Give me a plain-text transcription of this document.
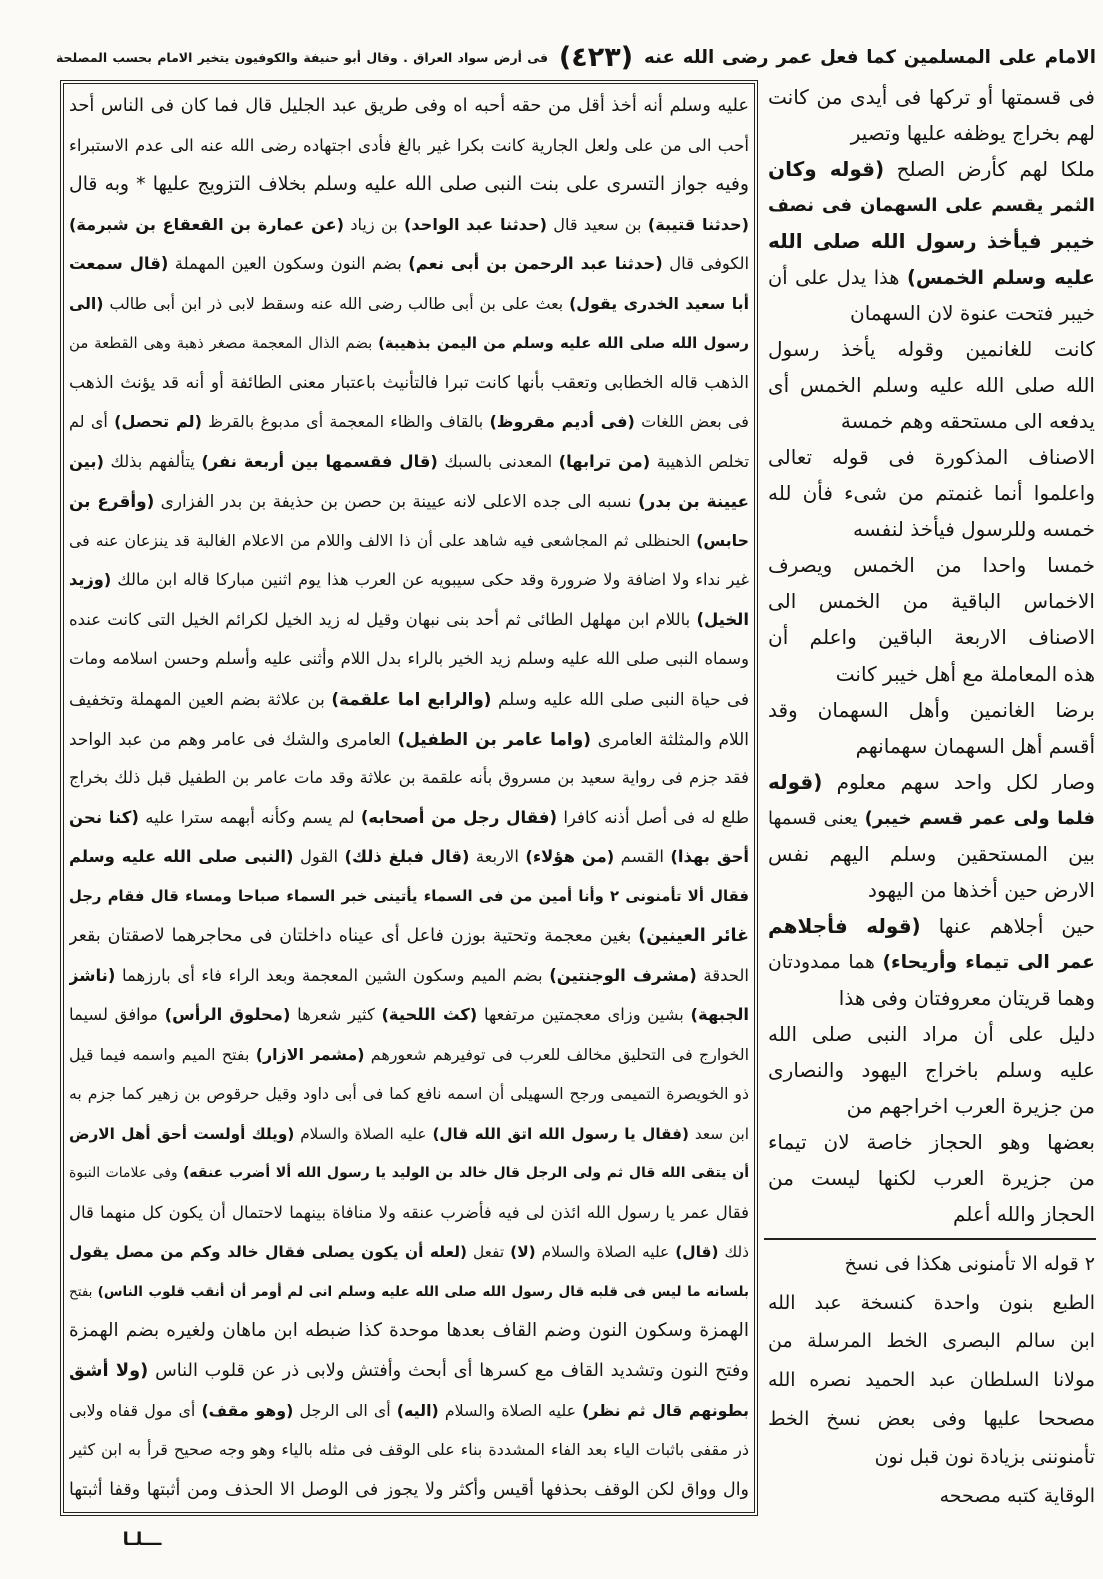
الامام على المسلمين كما فعل عمر رضى الله عنه
(٤٢٣)
فى أرض سواد العراق . وقال أبو حنيفة والكوفيون يتخير الامام بحسب المصلحة
عليه وسلم أنه أخذ أقل من حقه أحبه اه وفى طريق عبد الجليل قال فما كان فى الناس أحد
أحب الى من على ولعل الجارية كانت بكرا غير بالغ فأدى اجتهاده رضى الله عنه الى عدم الاستبراء
وفيه جواز التسرى على بنت النبى صلى الله عليه وسلم بخلاف التزويج عليها * وبه قال
(حدثنا قتيبة) بن سعيد قال (حدثنا عبد الواحد) بن زياد (عن عمارة بن القعقاع بن شبرمة)
الكوفى قال (حدثنا عبد الرحمن بن أبى نعم) بضم النون وسكون العين المهملة (قال سمعت
أبا سعيد الخدرى يقول) بعث على بن أبى طالب رضى الله عنه وسقط لابى ذر ابن أبى طالب (الى
رسول الله صلى الله عليه وسلم من اليمن بذهيبة) بضم الذال المعجمة مصغر ذهبة وهى القطعة من
الذهب قاله الخطابى وتعقب بأنها كانت تبرا فالتأنيث باعتبار معنى الطائفة أو أنه قد يؤنث الذهب
فى بعض اللغات (فى أديم مقروظ) بالقاف والظاء المعجمة أى مدبوغ بالقرظ (لم تحصل) أى لم
تخلص الذهيبة (من ترابها) المعدنى بالسبك (قال فقسمها بين أربعة نفر) يتألفهم بذلك (بين
عيينة بن بدر) نسبه الى جده الاعلى لانه عيينة بن حصن بن حذيفة بن بدر الفزارى (وأقرع بن
حابس) الحنظلى ثم المجاشعى فيه شاهد على أن ذا الالف واللام من الاعلام الغالبة قد ينزعان عنه فى
غير نداء ولا اضافة ولا ضرورة وقد حكى سيبويه عن العرب هذا يوم اثنين مباركا قاله ابن مالك (وزيد
الخيل) باللام ابن مهلهل الطائى ثم أحد بنى نبهان وقيل له زيد الخيل لكرائم الخيل التى كانت عنده
وسماه النبى صلى الله عليه وسلم زيد الخير بالراء بدل اللام وأثنى عليه وأسلم وحسن اسلامه ومات
فى حياة النبى صلى الله عليه وسلم (والرابع اما علقمة) بن علاثة بضم العين المهملة وتخفيف
اللام والمثلثة العامرى (واما عامر بن الطفيل) العامرى والشك فى عامر وهم من عبد الواحد
فقد جزم فى رواية سعيد بن مسروق بأنه علقمة بن علاثة وقد مات عامر بن الطفيل قبل ذلك بخراج
طلع له فى أصل أذنه كافرا (فقال رجل من أصحابه) لم يسم وكأنه أبهمه سترا عليه (كنا نحن
أحق بهذا) القسم (من هؤلاء) الاربعة (قال فبلغ ذلك) القول (النبى صلى الله عليه وسلم
فقال ألا تأمنونى ٢ وأنا أمين من فى السماء يأتينى خبر السماء صباحا ومساء قال فقام رجل
غائر العينين) بغين معجمة وتحتية بوزن فاعل أى عيناه داخلتان فى محاجرهما لاصقتان بقعر
الحدقة (مشرف الوجنتين) بضم الميم وسكون الشين المعجمة وبعد الراء فاء أى بارزهما (ناشز
الجبهة) بشين وزاى معجمتين مرتفعها (كث اللحية) كثير شعرها (محلوق الرأس) موافق لسيما
الخوارج فى التحليق مخالف للعرب فى توفيرهم شعورهم (مشمر الازار) بفتح الميم واسمه فيما قيل
ذو الخويصرة التميمى ورجح السهيلى أن اسمه نافع كما فى أبى داود وقيل حرقوص بن زهير كما جزم به
ابن سعد (فقال يا رسول الله اتق الله قال) عليه الصلاة والسلام (ويلك أولست أحق أهل الارض
أن يتقى الله قال ثم ولى الرجل قال خالد بن الوليد يا رسول الله ألا أضرب عنقه) وفى علامات النبوة
فقال عمر يا رسول الله ائذن لى فيه فأضرب عنقه ولا منافاة بينهما لاحتمال أن يكون كل منهما قال
ذلك (قال) عليه الصلاة والسلام (لا) تفعل (لعله أن يكون يصلى فقال خالد وكم من مصل يقول
بلسانه ما ليس فى قلبه قال رسول الله صلى الله عليه وسلم انى لم أومر أن أنقب قلوب الناس) بفتح
الهمزة وسكون النون وضم القاف بعدها موحدة كذا ضبطه ابن ماهان ولغيره بضم الهمزة
وفتح النون وتشديد القاف مع كسرها أى أبحث وأفتش ولابى ذر عن قلوب الناس (ولا أشق
بطونهم قال ثم نظر) عليه الصلاة والسلام (اليه) أى الى الرجل (وهو مقف) أى مول قفاه ولابى
ذر مقفى باثبات الياء بعد الفاء المشددة بناء على الوقف فى مثله بالياء وهو وجه صحيح قرأ به ابن كثير
وال وواق لكن الوقف بحذفها أقيس وأكثر ولا يجوز فى الوصل الا الحذف ومن أثبتها وقفا أثبتها
فى قسمتها أو تركها فى أيدى من كانت
لهم بخراج يوظفه عليها وتصير
ملكا لهم كأرض الصلح (قوله وكان
الثمر يقسم على السهمان فى نصف
خيبر فيأخذ رسول الله صلى الله
عليه وسلم الخمس) هذا يدل على أن
خيبر فتحت عنوة لان السهمان
كانت للغانمين وقوله يأخذ رسول
الله صلى الله عليه وسلم الخمس أى
يدفعه الى مستحقه وهم خمسة
الاصناف المذكورة فى قوله تعالى
واعلموا أنما غنمتم من شىء فأن لله
خمسه وللرسول فيأخذ لنفسه
خمسا واحدا من الخمس ويصرف
الاخماس الباقية من الخمس الى
الاصناف الاربعة الباقين واعلم أن
هذه المعاملة مع أهل خيبر كانت
برضا الغانمين وأهل السهمان وقد
أقسم أهل السهمان سهمانهم
وصار لكل واحد سهم معلوم (قوله
فلما ولى عمر قسم خيبر) يعنى قسمها
بين المستحقين وسلم اليهم نفس
الارض حين أخذها من اليهود
حين أجلاهم عنها (قوله فأجلاهم
عمر الى تيماء وأريحاء) هما ممدودتان
وهما قريتان معروفتان وفى هذا
دليل على أن مراد النبى صلى الله
عليه وسلم باخراج اليهود والنصارى
من جزيرة العرب اخراجهم من
بعضها وهو الحجاز خاصة لان تيماء
من جزيرة العرب لكنها ليست من
الحجاز والله أعلم
٢ قوله الا تأمنونى هكذا فى نسخ
الطبع بنون واحدة كنسخة عبد الله
ابن سالم البصرى الخط المرسلة من
مولانا السلطان عبد الحميد نصره الله
مصححا عليها وفى بعض نسخ الخط
تأمنوننى بزيادة نون قبل نون
الوقاية كتبه مصححه
ـــلـا
